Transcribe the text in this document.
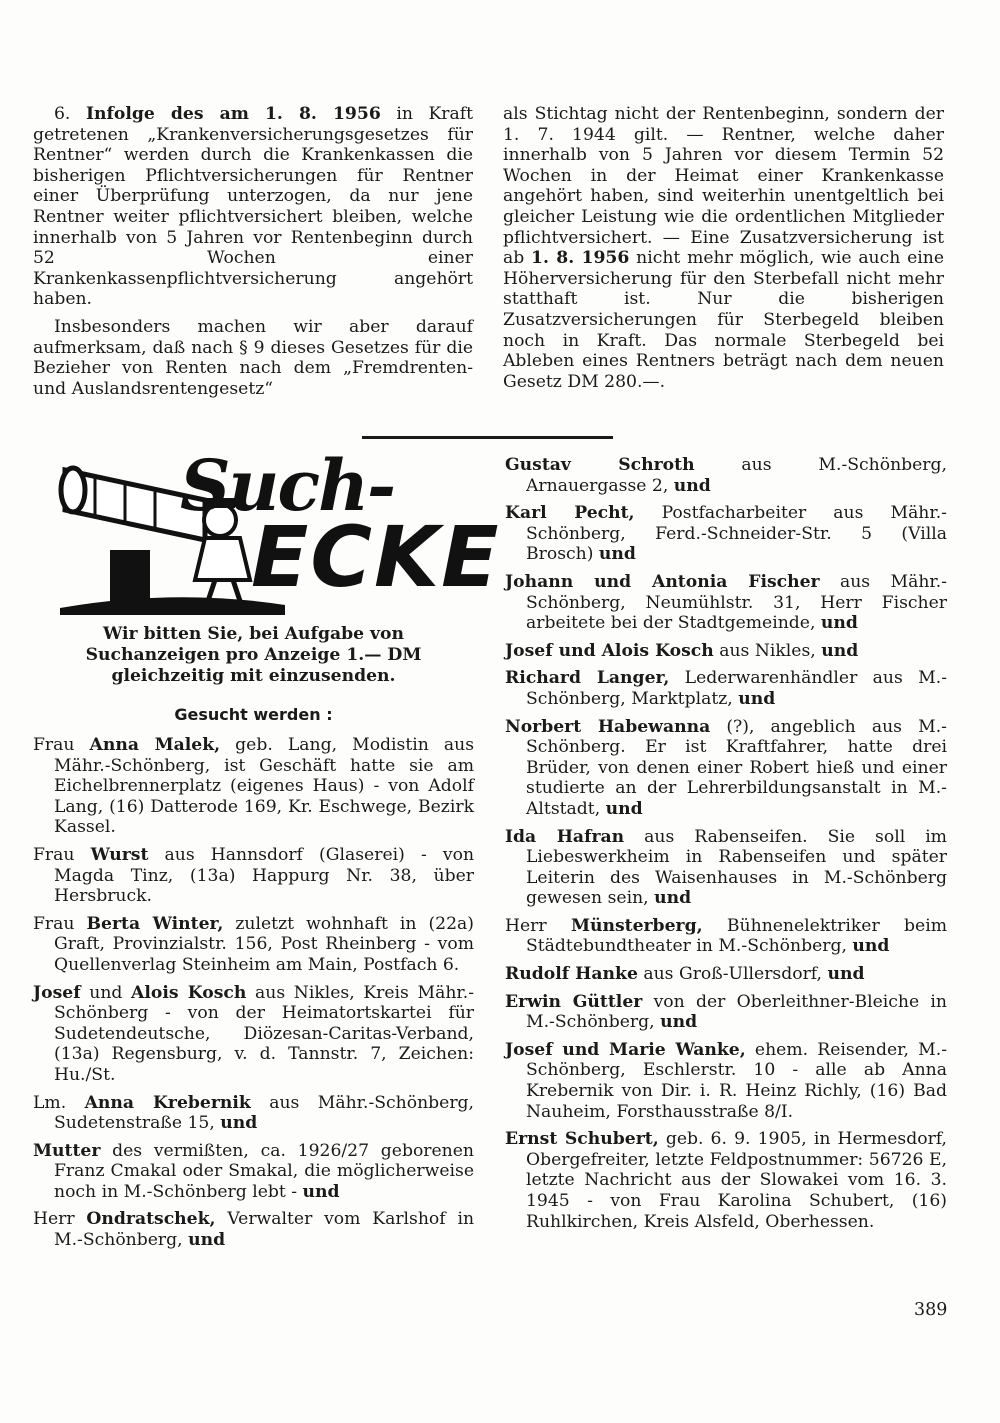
6. Infolge des am 1. 8. 1956 in Kraft getretenen „Krankenversicherungsgesetzes für Rentner“ werden durch die Krankenkassen die bisherigen Pflichtversicherungen für Rentner einer Überprüfung unterzogen, da nur jene Rentner weiter pflichtversichert bleiben, welche innerhalb von 5 Jahren vor Rentenbeginn durch 52 Wochen einer Krankenkassenpflichtversicherung angehört haben.

Insbesonders machen wir aber darauf aufmerksam, daß nach § 9 dieses Gesetzes für die Bezieher von Renten nach dem „Fremdrenten- und Auslandsrentengesetz“

als Stichtag nicht der Rentenbeginn, sondern der 1. 7. 1944 gilt. — Rentner, welche daher innerhalb von 5 Jahren vor diesem Termin 52 Wochen in der Heimat einer Krankenkasse angehört haben, sind weiterhin unentgeltlich bei gleicher Leistung wie die ordentlichen Mitglieder pflichtversichert. — Eine Zusatzversicherung ist ab 1. 8. 1956 nicht mehr möglich, wie auch eine Höherversicherung für den Sterbefall nicht mehr statthaft ist. Nur die bisherigen Zusatzversicherungen für Sterbegeld bleiben noch in Kraft. Das normale Sterbegeld bei Ableben eines Rentners beträgt nach dem neuen Gesetz DM 280.—.

Such-
ECKE
Wir bitten Sie, bei Aufgabe von Suchanzeigen pro Anzeige 1.— DM gleichzeitig mit einzusenden.
Gesucht werden :

Frau Anna Malek, geb. Lang, Modistin aus Mähr.-Schönberg, ist Geschäft hatte sie am Eichelbrennerplatz (eigenes Haus) - von Adolf Lang, (16) Datterode 169, Kr. Eschwege, Bezirk Kassel.

Frau Wurst aus Hannsdorf (Glaserei) - von Magda Tinz, (13a) Happurg Nr. 38, über Hersbruck.

Frau Berta Winter, zuletzt wohnhaft in (22a) Graft, Provinzialstr. 156, Post Rheinberg - vom Quellenverlag Steinheim am Main, Postfach 6.

Josef und Alois Kosch aus Nikles, Kreis Mähr.-Schönberg - von der Heimatortskartei für Sudetendeutsche, Diözesan-Caritas-Verband, (13a) Regensburg, v. d. Tannstr. 7, Zeichen: Hu./St.

Lm. Anna Krebernik aus Mähr.-Schönberg, Sudetenstraße 15, und

Mutter des vermißten, ca. 1926/27 geborenen Franz Cmakal oder Smakal, die möglicherweise noch in M.-Schönberg lebt - und

Herr Ondratschek, Verwalter vom Karlshof in M.-Schönberg, und

Gustav Schroth	aus M.-Schönberg, Arnauergasse 2, und

Karl Pecht, Postfacharbeiter aus Mähr.-Schönberg, Ferd.-Schneider-Str. 5 (Villa Brosch) und

Johann und Antonia Fischer aus Mähr.-Schönberg, Neumühlstr. 31, Herr Fischer arbeitete bei der Stadtgemeinde, und

Josef und Alois Kosch aus Nikles, und

Richard Langer, Lederwarenhändler aus M.-Schönberg, Marktplatz, und

Norbert Habewanna (?), angeblich aus M.-Schönberg. Er ist Kraftfahrer, hatte drei Brüder, von denen einer Robert hieß und einer studierte an der Lehrerbildungsanstalt in M.-Altstadt, und

Ida Hafran aus Rabenseifen. Sie soll im Liebeswerkheim in Rabenseifen und später Leiterin des Waisenhauses in M.-Schönberg gewesen sein, und

Herr Münsterberg, Bühnenelektriker beim Städtebundtheater in M.-Schönberg, und

Rudolf Hanke aus Groß-Ullersdorf, und

Erwin Güttler von der Oberleithner-Bleiche in M.-Schönberg, und

Josef und Marie Wanke, ehem. Reisender, M.-Schönberg, Eschlerstr. 10 - alle ab Anna Krebernik von Dir. i. R. Heinz Richly, (16) Bad Nauheim, Forsthausstraße 8/I.

Ernst Schubert, geb. 6. 9. 1905, in Hermesdorf, Obergefreiter, letzte Feldpostnummer: 56726 E, letzte Nachricht aus der Slowakei vom 16. 3. 1945 - von Frau Karolina Schubert, (16) Ruhlkirchen, Kreis Alsfeld, Oberhessen.

389
